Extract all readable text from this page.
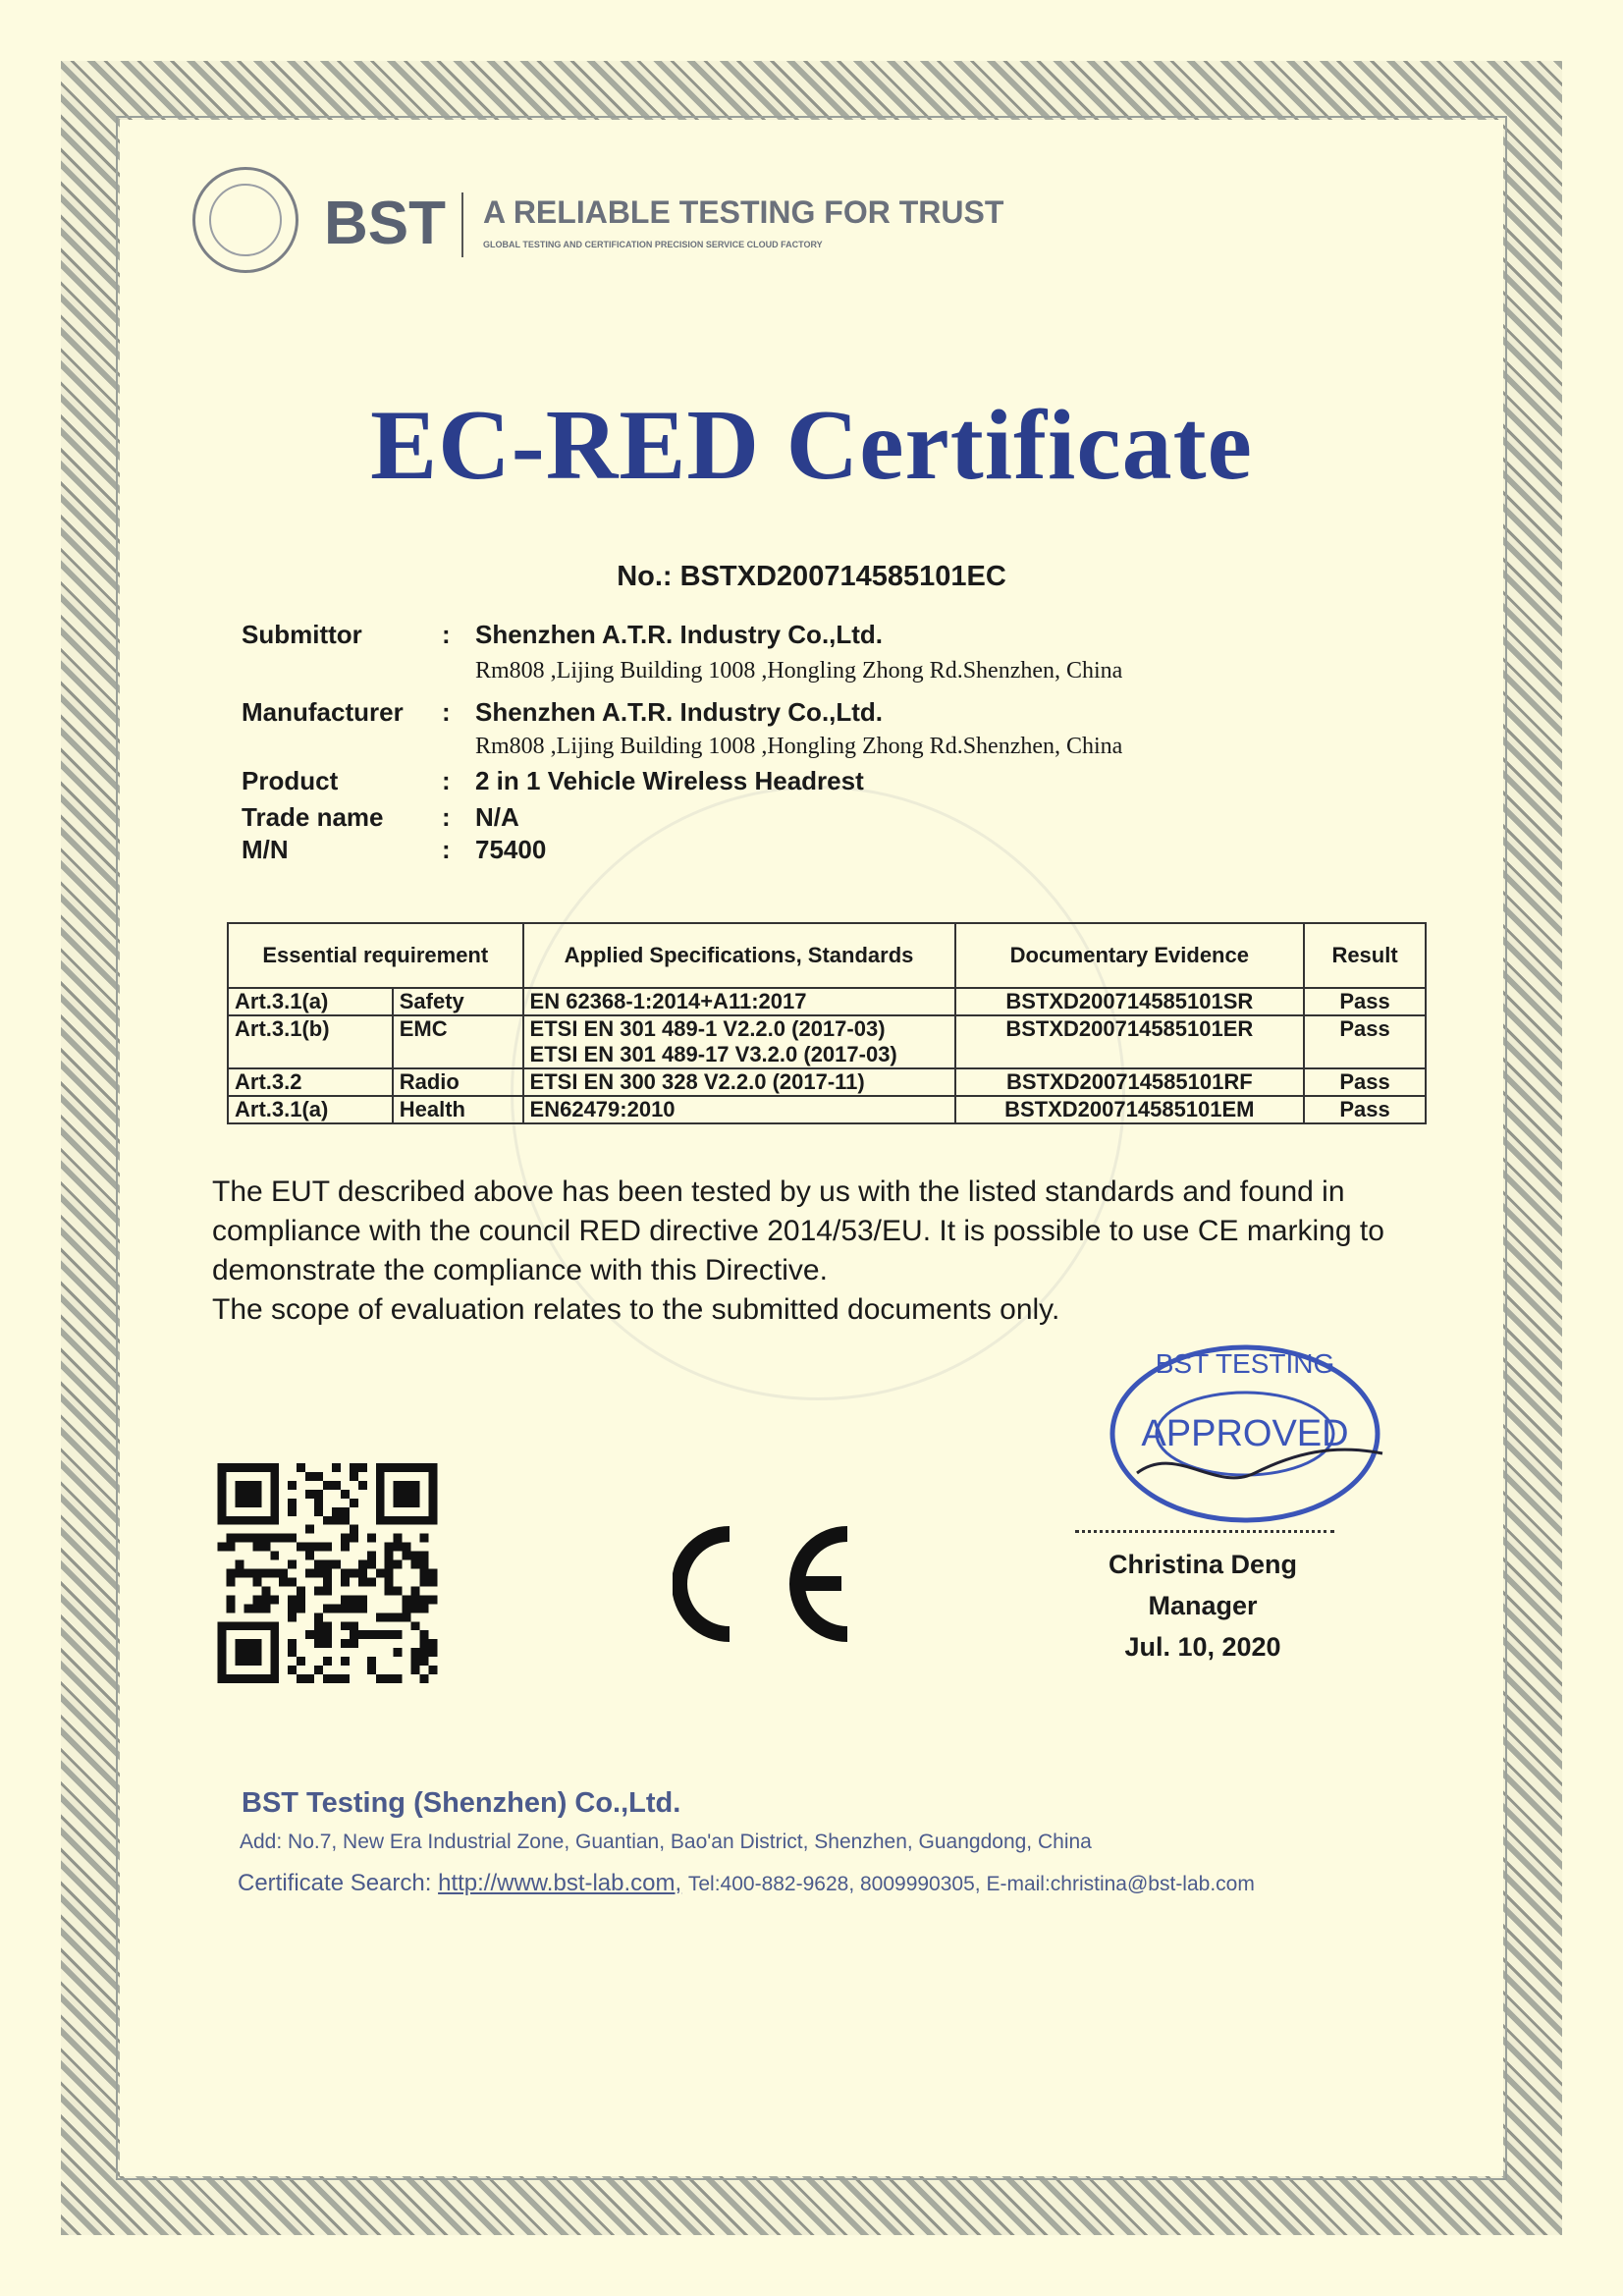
BST A RELIABLE TESTING FOR TRUST
GLOBAL TESTING AND CERTIFICATION PRECISION SERVICE CLOUD FACTORY
EC-RED Certificate
No.: BSTXD200714585101EC
Submittor	: Shenzhen A.T.R. Industry Co.,Ltd.
Rm808 ,Lijing Building 1008 ,Hongling Zhong Rd.Shenzhen, China
Manufacturer : Shenzhen A.T.R. Industry Co.,Ltd.
Rm808 ,Lijing Building 1008 ,Hongling Zhong Rd.Shenzhen, China
Product	: 2 in 1 Vehicle Wireless Headrest
Trade name : N/A
M/N	: 75400
Essential requirement		Applied Specifications, Standards	Documentary Evidence	Result
Art.3.1(a)	Safety	EN 62368-1:2014+A11:2017	BSTXD200714585101SR	Pass
Art.3.1(b)	EMC	ETSI EN 301 489-1 V2.2.0 (2017-03)
ETSI EN 301 489-17 V3.2.0 (2017-03)	BSTXD200714585101ER	Pass
Art.3.2	Radio	ETSI EN 300 328 V2.2.0 (2017-11)	BSTXD200714585101RF	Pass
Art.3.1(a)	Health	EN62479:2010	BSTXD200714585101EM	Pass
The EUT described above has been tested by us with the listed standards and found in compliance with the council RED directive 2014/53/EU. It is possible to use CE marking to demonstrate the compliance with this Directive.
The scope of evaluation relates to the submitted documents only.
BST TESTING
APPROVED
Christina Deng
Manager
Jul. 10, 2020
BST Testing (Shenzhen) Co.,Ltd.
Add: No.7, New Era Industrial Zone, Guantian, Bao'an District, Shenzhen, Guangdong, China
Certificate Search: http://www.bst-lab.com, Tel:400-882-9628, 8009990305, E-mail:christina@bst-lab.com
